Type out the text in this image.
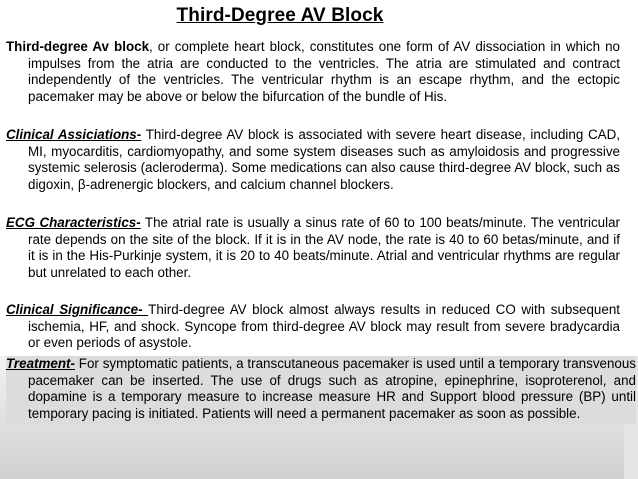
Third-Degree AV Block
Third-degree Av block, or complete heart block, constitutes one form of AV dissociation in which no impulses from the atria are conducted to the ventricles. The atria are stimulated and contract independently of the ventricles. The ventricular rhythm is an escape rhythm, and the ectopic pacemaker may be above or below the bifurcation of the bundle of His.
Clinical Assiciations- Third-degree AV block is associated with severe heart disease, including CAD, MI, myocarditis, cardiomyopathy, and some system diseases such as amyloidosis and progressive systemic selerosis (acleroderma). Some medications can also cause third-degree AV block, such as digoxin, β-adrenergic blockers, and calcium channel blockers.
ECG Characteristics- The atrial rate is usually a sinus rate of 60 to 100 beats/minute. The ventricular rate depends on the site of the block. If it is in the AV node, the rate is 40 to 60 betas/minute, and if it is in the His-Purkinje system, it is 20 to 40 beats/minute. Atrial and ventricular rhythms are regular but unrelated to each other.
Clinical Significance- Third-degree AV block almost always results in reduced CO with subsequent ischemia, HF, and shock. Syncope from third-degree AV block may result from severe bradycardia or even periods of asystole.
Treatment- For symptomatic patients, a transcutaneous pacemaker is used until a temporary transvenous pacemaker can be inserted. The use of drugs such as atropine, epinephrine, isoproterenol, and dopamine is a temporary measure to increase measure HR and Support blood pressure (BP) until temporary pacing is initiated. Patients will need a permanent pacemaker as soon as possible.
